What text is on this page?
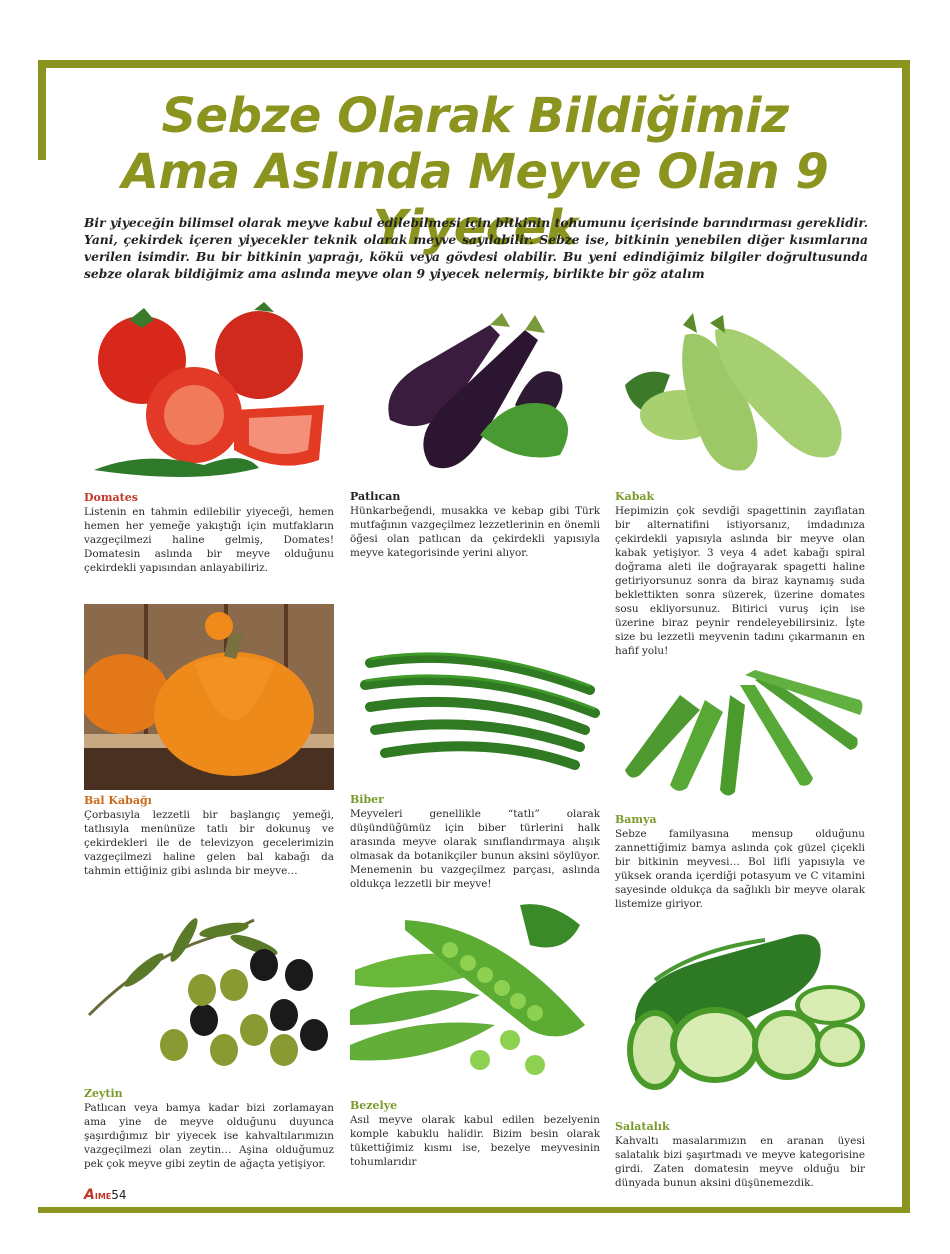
Sebze Olarak Bildiğimiz
Ama Aslında Meyve Olan 9 Yiyecek
Bir yiyeceğin bilimsel olarak meyve kabul edilebilmesi için bitkinin tohumunu içerisinde barındırması gereklidir. Yani, çekirdek içeren yiyecekler teknik olarak meyve sayılabilir. Sebze ise, bitkinin yenebilen diğer kısımlarına verilen isimdir. Bu bir bitkinin yaprağı, kökü veya gövdesi olabilir. Bu yeni edindiğimiz bilgiler doğrultusunda sebze olarak bildiğimiz ama aslında meyve olan 9 yiyecek nelermiş, birlikte bir göz atalım
Domates
Listenin en tahmin edilebilir yiyeceği, hemen hemen her yemeğe yakıştığı için mutfakların vazgeçilmezi haline gelmiş, Domates! Domatesin aslında bir meyve olduğunu çekirdekli yapısından anlayabiliriz.
Patlıcan
Hünkarbeğendi, musakka ve kebap gibi Türk mutfağının vazgeçilmez lezzetlerinin en önemli öğesi olan patlıcan da çekirdekli yapısıyla meyve kategorisinde yerini alıyor.
Kabak
Hepimizin çok sevdiği spagettinin zayıflatan bir alternatifini istiyorsanız, imdadınıza çekirdekli yapısıyla aslında bir meyve olan kabak yetişiyor. 3 veya 4 adet kabağı spiral doğrama aleti ile doğrayarak spagetti haline getiriyorsunuz sonra da biraz kaynamış suda beklettikten sonra süzerek, üzerine domates sosu ekliyorsunuz. Bitirici vuruş için ise üzerine biraz peynir rendeleyebilirsiniz. İşte size bu lezzetli meyvenin tadını çıkarmanın en hafif yolu!
Bal Kabağı
Çorbasıyla lezzetli bir başlangıç yemeği, tatlısıyla menünüze tatlı bir dokunuş ve çekirdekleri ile de televizyon gecelerimizin vazgeçilmezi haline gelen bal kabağı da tahmin ettiğiniz gibi aslında bir meyve…
Biber
Meyveleri genellikle “tatlı” olarak düşündüğümüz için biber türlerini halk arasında meyve olarak sınıflandırmaya alışık olmasak da botanikçiler bunun aksini söylüyor. Menemenin bu vazgeçilmez parçası, aslında oldukça lezzetli bir meyve!
Bamya
Sebze familyasına mensup olduğunu zannettiğimiz bamya aslında çok güzel çiçekli bir bitkinin meyvesi… Bol lifli yapısıyla ve yüksek oranda içerdiği potasyum ve C vitamini sayesinde oldukça da sağlıklı bir meyve olarak listemize giriyor.
Zeytin
Patlıcan veya bamya kadar bizi zorlamayan ama yine de meyve olduğunu duyunca şaşırdığımız bir yiyecek ise kahvaltılarımızın vazgeçilmezi olan zeytin… Aşina olduğumuz pek çok meyve gibi zeytin de ağaçta yetişiyor.
Bezelye
Asıl meyve olarak kabul edilen bezelyenin komple kabuklu halidir. Bizim besin olarak tükettiğimiz kısmı ise, bezelye meyvesinin tohumlarıdır
Salatalık
Kahvaltı masalarımızın en aranan üyesi salatalık bizi şaşırtmadı ve meyve kategorisine girdi. Zaten domatesin meyve olduğu bir dünyada bunun aksini düşünemezdik.
AIME54
